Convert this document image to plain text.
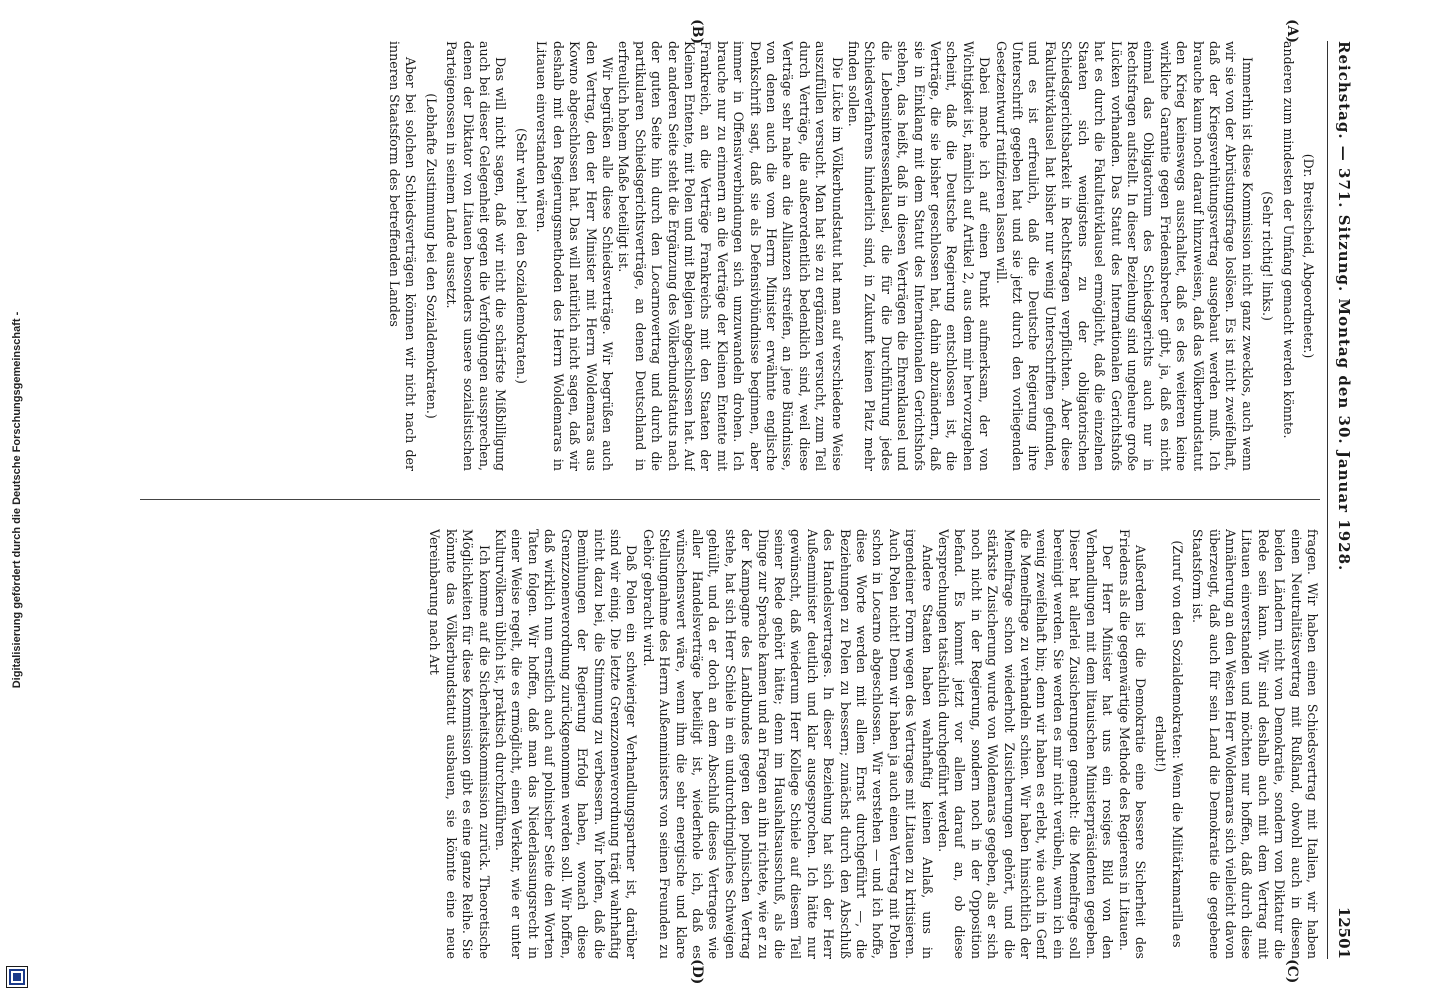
Digitalisierung gefördert durch die Deutsche Forschungsgemeinschaft -	Reichstag. — 371. Sitzung. Montag den 30. Januar 1928.
12501
(A)
(B)
(C)
(D)

(Dr. Breitscheid, Abgeordneter.)

anderen zum mindesten der Umfang gemacht werden könnte.

(Sehr richtig! links.)

Immerhin ist diese Kommission nicht ganz zwecklos, auch wenn wir sie von der Abrüstungsfrage loslösen. Es ist nicht zweifelhaft, daß der Kriegsverhütungsvertrag ausgebaut werden muß. Ich brauche kaum noch darauf hinzuweisen, daß das Völkerbundstatut den Krieg keineswegs ausschaltet, daß es des weiteren keine wirkliche Garantie gegen Friedensbrecher gibt, ja, daß es nicht einmal das Obligatorium des Schiedsgerichts auch nur in Rechtsfragen aufstellt. In dieser Beziehung sind ungeheure große Lücken vorhanden. Das Statut des Internationalen Gerichtshofs hat es durch die Fakultativklausel ermöglicht, daß die einzelnen Staaten sich wenigstens zu der obligatorischen Schiedsgerichtsbarkeit in Rechtsfragen verpflichten. Aber diese Fakultativklausel hat bisher nur wenig Unterschriften gefunden, und es ist erfreulich, daß die Deutsche Regierung ihre Unterschrift gegeben hat und sie jetzt durch den vorliegenden Gesetzentwurf ratifizieren lassen will.

Dabei mache ich auf einen Punkt aufmerksam, der von Wichtigkeit ist, nämlich auf Artikel 2, aus dem mir hervorzugehen scheint, daß die Deutsche Regierung entschlossen ist, die Verträge, die sie bisher geschlossen hat, dahin abzuändern, daß sie in Einklang mit dem Statut des Internationalen Gerichtshofs stehen, das heißt, daß in diesen Verträgen die Ehrenklausel und die Lebensinteressenklausel, die für die Durchführung jedes Schiedsverfahrens hinderlich sind, in Zukunft keinen Platz mehr finden sollen.

Die Lücke im Völkerbundstatut hat man auf verschiedene Weise auszufüllen versucht. Man hat sie zu ergänzen versucht, zum Teil durch Verträge, die außerordentlich bedenklich sind, weil diese Verträge sehr nahe an die Allianzen streifen, an jene Bündnisse, von denen auch die vom Herrn Minister erwähnte englische Denkschrift sagt, daß sie als Defensivbündnisse beginnen, aber immer in Offensivverbindungen sich umzuwandeln drohen. Ich brauche nur zu erinnern an die Verträge der Kleinen Entente mit Frankreich, an die Verträge Frankreichs mit den Staaten der Kleinen Entente, mit Polen und mit Belgien abgeschlossen hat. Auf der anderen Seite steht die Ergänzung des Völkerbundstatuts nach der guten Seite hin durch den Locarnovertrag und durch die partikularen Schiedsgerichtsverträge, an denen Deutschland in erfreulich hohem Maße beteiligt ist.

Wir begrüßen alle diese Schiedsverträge. Wir begrüßen auch den Vertrag, den der Herr Minister mit Herrn Woldemaras aus Kowno abgeschlossen hat. Das will natürlich nicht sagen, daß wir deshalb mit den Regierungsmethoden des Herrn Woldemaras in Litauen einverstanden wären.

(Sehr wahr! bei den Sozialdemokraten.)

Das will nicht sagen, daß wir nicht die schärfste Mißbilligung auch bei dieser Gelegenheit gegen die Verfolgungen aussprechen, denen der Diktator von Litauen besonders unsere sozialistischen Parteigenossen in seinem Lande aussetzt.

(Lebhafte Zustimmung bei den Sozialdemokraten.)

Aber bei solchen Schiedsverträgen können wir nicht nach der inneren Staatsform des betreffenden Landes

fragen. Wir haben einen Schiedsvertrag mit Italien, wir haben einen Neutralitätsvertrag mit Rußland, obwohl auch in diesen beiden Ländern nicht von Demokratie, sondern von Diktatur die Rede sein kann. Wir sind deshalb auch mit dem Vertrag mit Litauen einverstanden und möchten nur hoffen, daß durch diese Annäherung an den Westen Herr Woldemaras sich vielleicht davon überzeugt, daß auch für sein Land die Demokratie die gegebene Staatsform ist.

(Zuruf von den Sozialdemokraten: Wenn die Militärkamarilla es erlaubt!)

Außerdem ist die Demokratie eine bessere Sicherheit des Friedens als die gegenwärtige Methode des Regierens in Litauen.

Der Herr Minister hat uns ein rosiges Bild von den Verhandlungen mit dem litauischen Ministerpräsidenten gegeben. Dieser hat allerlei Zusicherungen gemacht: die Memelfrage soll bereinigt werden. Sie werden es mir nicht verübeln, wenn ich ein wenig zweifelhaft bin; denn wir haben es erlebt, wie auch in Genf die Memelfrage zu verhandeln schien. Wir haben hinsichtlich der Memelfrage schon wiederholt Zusicherungen gehört, und die stärkste Zusicherung wurde von Woldemaras gegeben, als er sich noch nicht in der Regierung, sondern noch in der Opposition befand. Es kommt jetzt vor allem darauf an, ob diese Versprechungen tatsächlich durchgeführt werden.

Andere Staaten haben wahrhaftig keinen Anlaß, uns in irgendeiner Form wegen des Vertrages mit Litauen zu kritisieren. Auch Polen nicht! Denn wir haben ja auch einen Vertrag mit Polen schon in Locarno abgeschlossen. Wir verstehen — und ich hoffe, diese Worte werden mit allem Ernst durchgeführt —, die Beziehungen zu Polen zu bessern; zunächst durch den Abschluß des Handelsvertrages. In dieser Beziehung hat sich der Herr Außenminister deutlich und klar ausgesprochen. Ich hätte nur gewünscht, daß wiederum Herr Kollege Schiele auf diesem Teil seiner Rede gehört hätte; denn im Haushaltsausschuß, als die Dinge zur Sprache kamen und an Fragen an ihn richtete, wie er zu der Kampagne des Landbundes gegen den polnischen Vertrag stehe, hat sich Herr Schiele in ein undurchdringliches Schweigen gehüllt, und da er doch an dem Abschluß dieses Vertrages wie aller Handelsverträge beteiligt ist, wiederhole ich, daß es wünschenswert wäre, wenn ihm die sehr energische und klare Stellungnahme des Herrn Außenministers von seinen Freunden zu Gehör gebracht wird.

Daß Polen ein schwieriger Verhandlungspartner ist, darüber sind wir einig. Die letzte Grenzzonenverordnung trägt wahrhaftig nicht dazu bei, die Stimmung zu verbessern. Wir hoffen, daß die Bemühungen der Regierung Erfolg haben, wonach diese Grenzzonenverordnung zurückgenommen werden soll. Wir hoffen, daß wirklich nun ernstlich auch auf polnischer Seite den Worten Taten folgen. Wir hoffen, daß man das Niederlassungsrecht in einer Weise regelt, die es ermöglicht, einen Verkehr, wie er unter Kulturvölkern üblich ist, praktisch durchzuführen.

Ich komme auf die Sicherheitskommission zurück. Theoretische Möglichkeiten für diese Kommission gibt es eine ganze Reihe. Sie könnte das Völkerbundstatut ausbauen, sie könnte eine neue Vereinbarung nach Art
